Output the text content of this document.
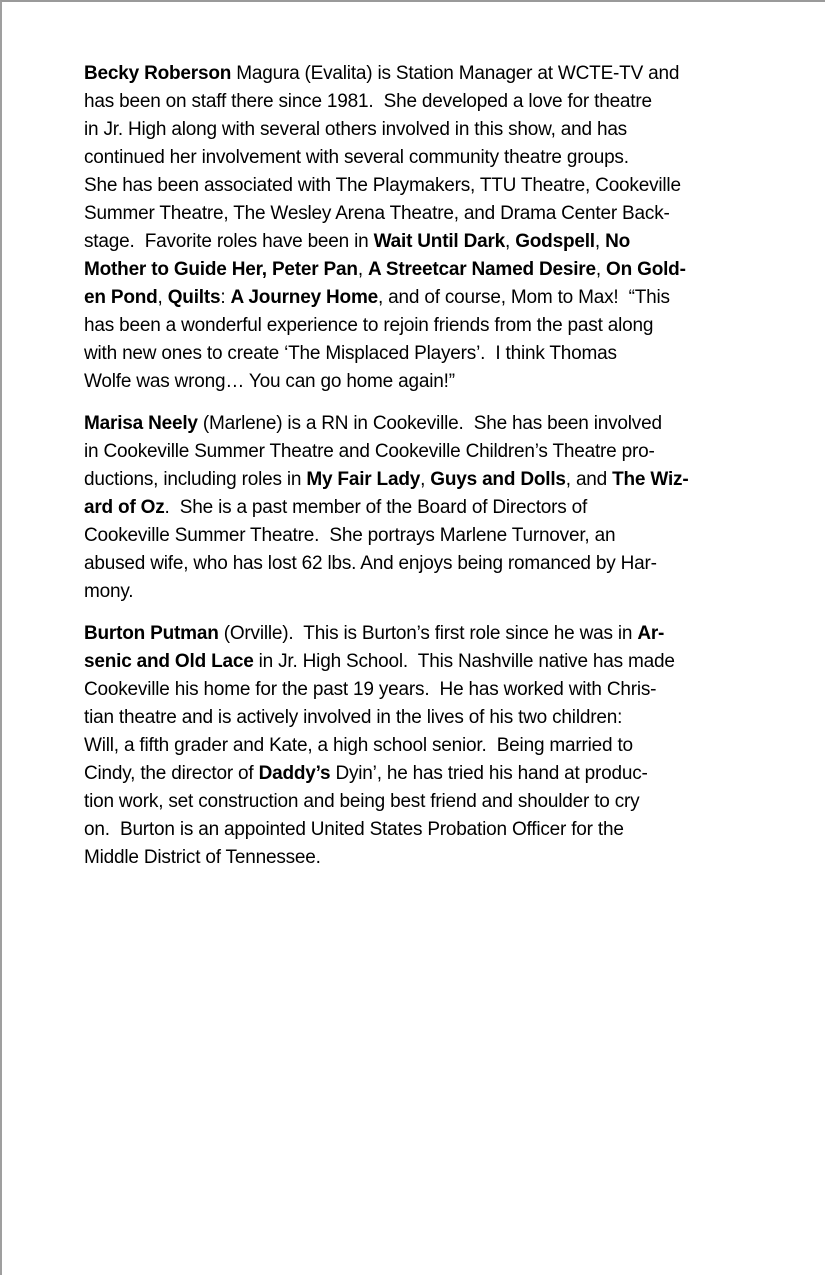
Becky Roberson Magura (Evalita) is Station Manager at WCTE-TV and
has been on staff there since 1981.  She developed a love for theatre
in Jr. High along with several others involved in this show, and has
continued her involvement with several community theatre groups.
She has been associated with The Playmakers, TTU Theatre, Cookeville
Summer Theatre, The Wesley Arena Theatre, and Drama Center Back-
stage.  Favorite roles have been in Wait Until Dark, Godspell, No
Mother to Guide Her, Peter Pan, A Streetcar Named Desire, On Gold-
en Pond, Quilts: A Journey Home, and of course, Mom to Max!  “This
has been a wonderful experience to rejoin friends from the past along
with new ones to create ‘The Misplaced Players’.  I think Thomas
Wolfe was wrong… You can go home again!”
Marisa Neely (Marlene) is a RN in Cookeville.  She has been involved
in Cookeville Summer Theatre and Cookeville Children’s Theatre pro-
ductions, including roles in My Fair Lady, Guys and Dolls, and The Wiz-
ard of Oz.  She is a past member of the Board of Directors of
Cookeville Summer Theatre.  She portrays Marlene Turnover, an
abused wife, who has lost 62 lbs. And enjoys being romanced by Har-
mony.
Burton Putman (Orville).  This is Burton’s first role since he was in Ar-
senic and Old Lace in Jr. High School.  This Nashville native has made
Cookeville his home for the past 19 years.  He has worked with Chris-
tian theatre and is actively involved in the lives of his two children:
Will, a fifth grader and Kate, a high school senior.  Being married to
Cindy, the director of Daddy’s Dyin’, he has tried his hand at produc-
tion work, set construction and being best friend and shoulder to cry
on.  Burton is an appointed United States Probation Officer for the
Middle District of Tennessee.
